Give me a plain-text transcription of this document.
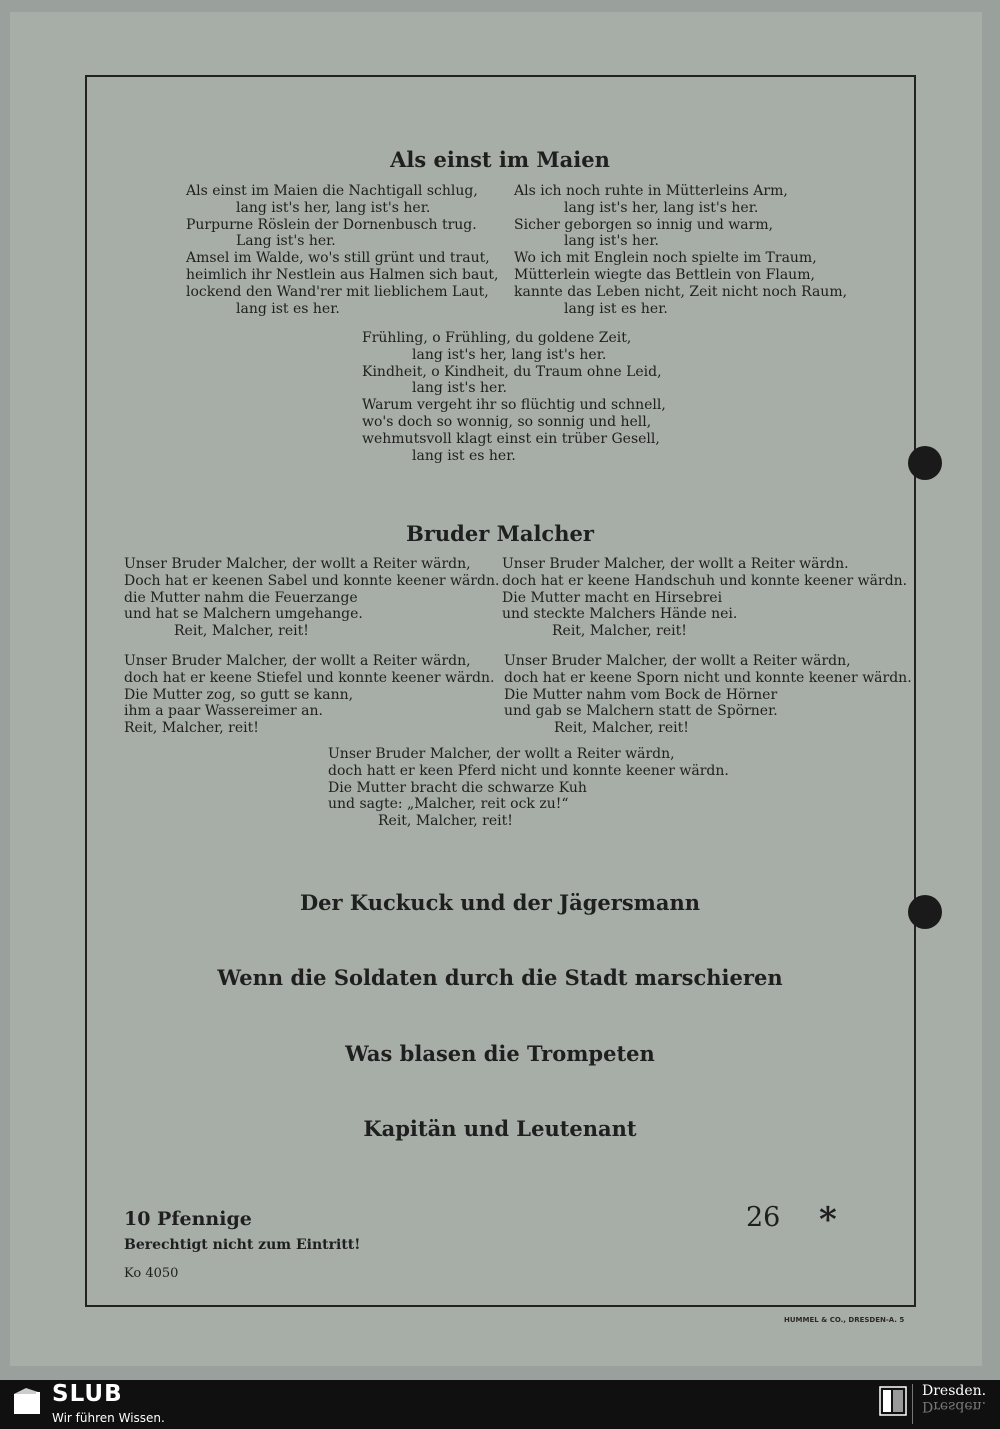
Als einst im Maien
Als einst im Maien die Nachtigall schlug,
lang ist's her, lang ist's her.
Purpurne Röslein der Dornenbusch trug.
Lang ist's her.
Amsel im Walde, wo's still grünt und traut,
heimlich ihr Nestlein aus Halmen sich baut,
lockend den Wand'rer mit lieblichem Laut,
lang ist es her.
Als ich noch ruhte in Mütterleins Arm,
lang ist's her, lang ist's her.
Sicher geborgen so innig und warm,
lang ist's her.
Wo ich mit Englein noch spielte im Traum,
Mütterlein wiegte das Bettlein von Flaum,
kannte das Leben nicht, Zeit nicht noch Raum,
lang ist es her.
Frühling, o Frühling, du goldene Zeit,
lang ist's her, lang ist's her.
Kindheit, o Kindheit, du Traum ohne Leid,
lang ist's her.
Warum vergeht ihr so flüchtig und schnell,
wo's doch so wonnig, so sonnig und hell,
wehmutsvoll klagt einst ein trüber Gesell,
lang ist es her.
Bruder Malcher
Unser Bruder Malcher, der wollt a Reiter wärdn,
Doch hat er keenen Sabel und konnte keener wärdn.
die Mutter nahm die Feuerzange
und hat se Malchern umgehange.
Reit, Malcher, reit!
Unser Bruder Malcher, der wollt a Reiter wärdn.
doch hat er keene Handschuh und konnte keener wärdn.
Die Mutter macht en Hirsebrei
und steckte Malchers Hände nei.
Reit, Malcher, reit!
Unser Bruder Malcher, der wollt a Reiter wärdn,
doch hat er keene Stiefel und konnte keener wärdn.
Die Mutter zog, so gutt se kann,
ihm a paar Wassereimer an.
Reit, Malcher, reit!
Unser Bruder Malcher, der wollt a Reiter wärdn,
doch hat er keene Sporn nicht und konnte keener wärdn.
Die Mutter nahm vom Bock de Hörner
und gab se Malchern statt de Spörner.
Reit, Malcher, reit!
Unser Bruder Malcher, der wollt a Reiter wärdn,
doch hatt er keen Pferd nicht und konnte keener wärdn.
Die Mutter bracht die schwarze Kuh
und sagte: „Malcher, reit ock zu!“
Reit, Malcher, reit!
Der Kuckuck und der Jägersmann
Wenn die Soldaten durch die Stadt marschieren
Was blasen die Trompeten
Kapitän und Leutenant
10 Pfennige
Berechtigt nicht zum Eintritt!
Ko 4050
26 *
HUMMEL & CO., DRESDEN-A. 5
SLUB
Wir führen Wissen.
Dresden.
Dresden.
